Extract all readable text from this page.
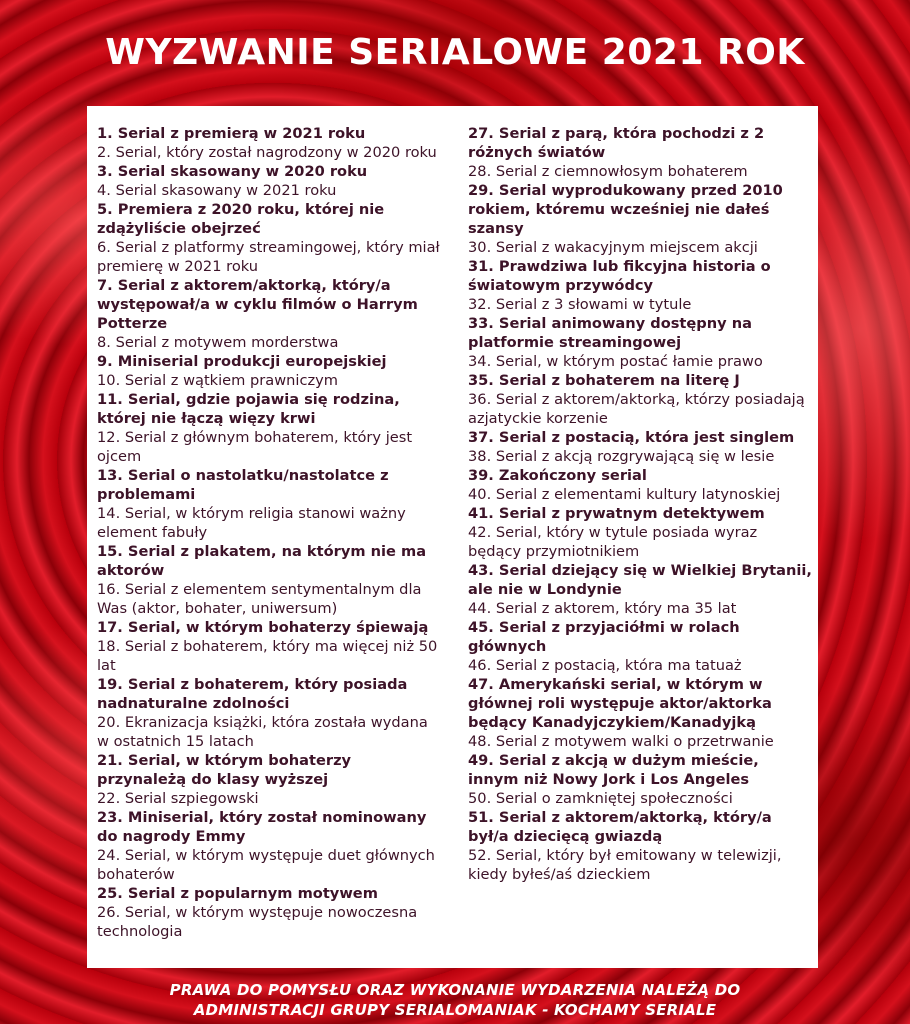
WYZWANIE SERIALOWE 2021 ROK
1. Serial z premierą w 2021 roku
2. Serial, który został nagrodzony w 2020 roku
3. Serial skasowany w 2020 roku
4. Serial skasowany w 2021 roku
5. Premiera z 2020 roku, której nie zdążyliście obejrzeć
6. Serial z platformy streamingowej, który miał premierę w 2021 roku
7. Serial z aktorem/aktorką, który/a występował/a w cyklu filmów o Harrym Potterze
8. Serial z motywem morderstwa
9. Miniserial produkcji europejskiej
10. Serial z wątkiem prawniczym
11. Serial, gdzie pojawia się rodzina, której nie łączą więzy krwi
12. Serial z głównym bohaterem, który jest ojcem
13. Serial o nastolatku/nastolatce z problemami
14. Serial, w którym religia stanowi ważny element fabuły
15. Serial z plakatem, na którym nie ma aktorów
16. Serial z elementem sentymentalnym dla Was (aktor, bohater, uniwersum)
17. Serial, w którym bohaterzy śpiewają
18. Serial z bohaterem, który ma więcej niż 50 lat
19. Serial z bohaterem, który posiada nadnaturalne zdolności
20. Ekranizacja książki, która została wydana w ostatnich 15 latach
21. Serial, w którym bohaterzy przynależą do klasy wyższej
22. Serial szpiegowski
23. Miniserial, który został nominowany do nagrody Emmy
24. Serial, w którym występuje duet głównych bohaterów
25. Serial z popularnym motywem
26. Serial, w którym występuje nowoczesna technologia
27. Serial z parą, która pochodzi z 2 różnych światów
28. Serial z ciemnowłosym bohaterem
29. Serial wyprodukowany przed 2010 rokiem, któremu wcześniej nie dałeś szansy
30. Serial z wakacyjnym miejscem akcji
31. Prawdziwa lub fikcyjna historia o światowym przywódcy
32. Serial z 3 słowami w tytule
33. Serial animowany dostępny na platformie streamingowej
34. Serial, w którym postać łamie prawo
35. Serial z bohaterem na literę J
36. Serial z aktorem/aktorką, którzy posiadają azjatyckie korzenie
37. Serial z postacią, która jest singlem
38. Serial z akcją rozgrywającą się w lesie
39. Zakończony serial
40. Serial z elementami kultury latynoskiej
41. Serial z prywatnym detektywem
42. Serial, który w tytule posiada wyraz będący przymiotnikiem
43. Serial dziejący się w Wielkiej Brytanii, ale nie w Londynie
44. Serial z aktorem, który ma 35 lat
45. Serial z przyjaciółmi w rolach głównych
46. Serial z postacią, która ma tatuaż
47. Amerykański serial, w którym w głównej roli występuje aktor/aktorka będący Kanadyjczykiem/Kanadyjką
48. Serial z motywem walki o przetrwanie
49. Serial z akcją w dużym mieście, innym niż Nowy Jork i Los Angeles
50. Serial o zamkniętej społeczności
51. Serial z aktorem/aktorką, który/a był/a dziecięcą gwiazdą
52. Serial, który był emitowany w telewizji, kiedy byłeś/aś dzieckiem
PRAWA DO POMYSŁU ORAZ WYKONANIE WYDARZENIA NALEŻĄ DO
ADMINISTRACJI GRUPY SERIALOMANIAK - KOCHAMY SERIALE
